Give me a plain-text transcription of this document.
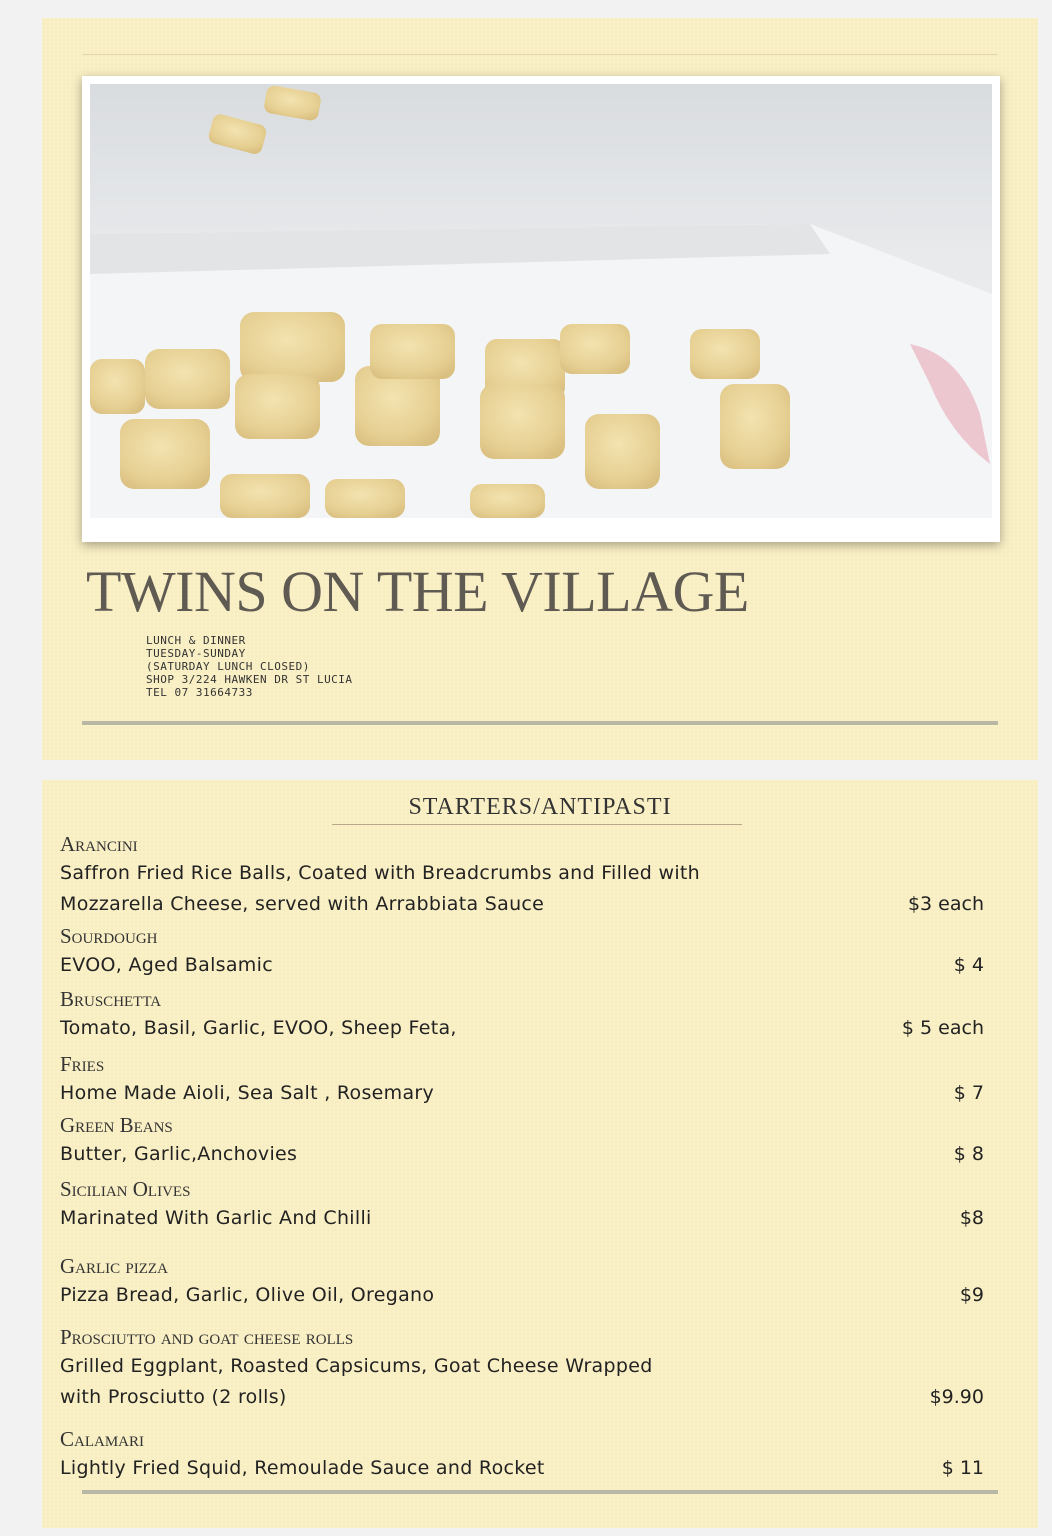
TWINS ON THE VILLAGE
LUNCH & DINNER
TUESDAY-SUNDAY
(SATURDAY LUNCH CLOSED)
SHOP 3/224 HAWKEN DR ST LUCIA
TEL 07 31664733
STARTERS/ANTIPASTI
Arancini
Saffron Fried Rice Balls, Coated with Breadcrumbs and Filled with
Mozzarella Cheese, served with Arrabbiata Sauce	$3 each
Sourdough
EVOO, Aged Balsamic	$ 4
Bruschetta
Tomato, Basil, Garlic, EVOO, Sheep Feta,	$ 5 each
Fries
Home Made Aioli, Sea Salt , Rosemary	$ 7
Green Beans
Butter, Garlic,Anchovies	$ 8
Sicilian Olives
Marinated With Garlic And Chilli	$8
Garlic pizza
Pizza Bread, Garlic, Olive Oil, Oregano	$9
Prosciutto and goat cheese rolls
Grilled Eggplant, Roasted Capsicums, Goat Cheese Wrapped
with Prosciutto (2 rolls)	$9.90
Calamari
Lightly Fried Squid, Remoulade Sauce and Rocket	$ 11
